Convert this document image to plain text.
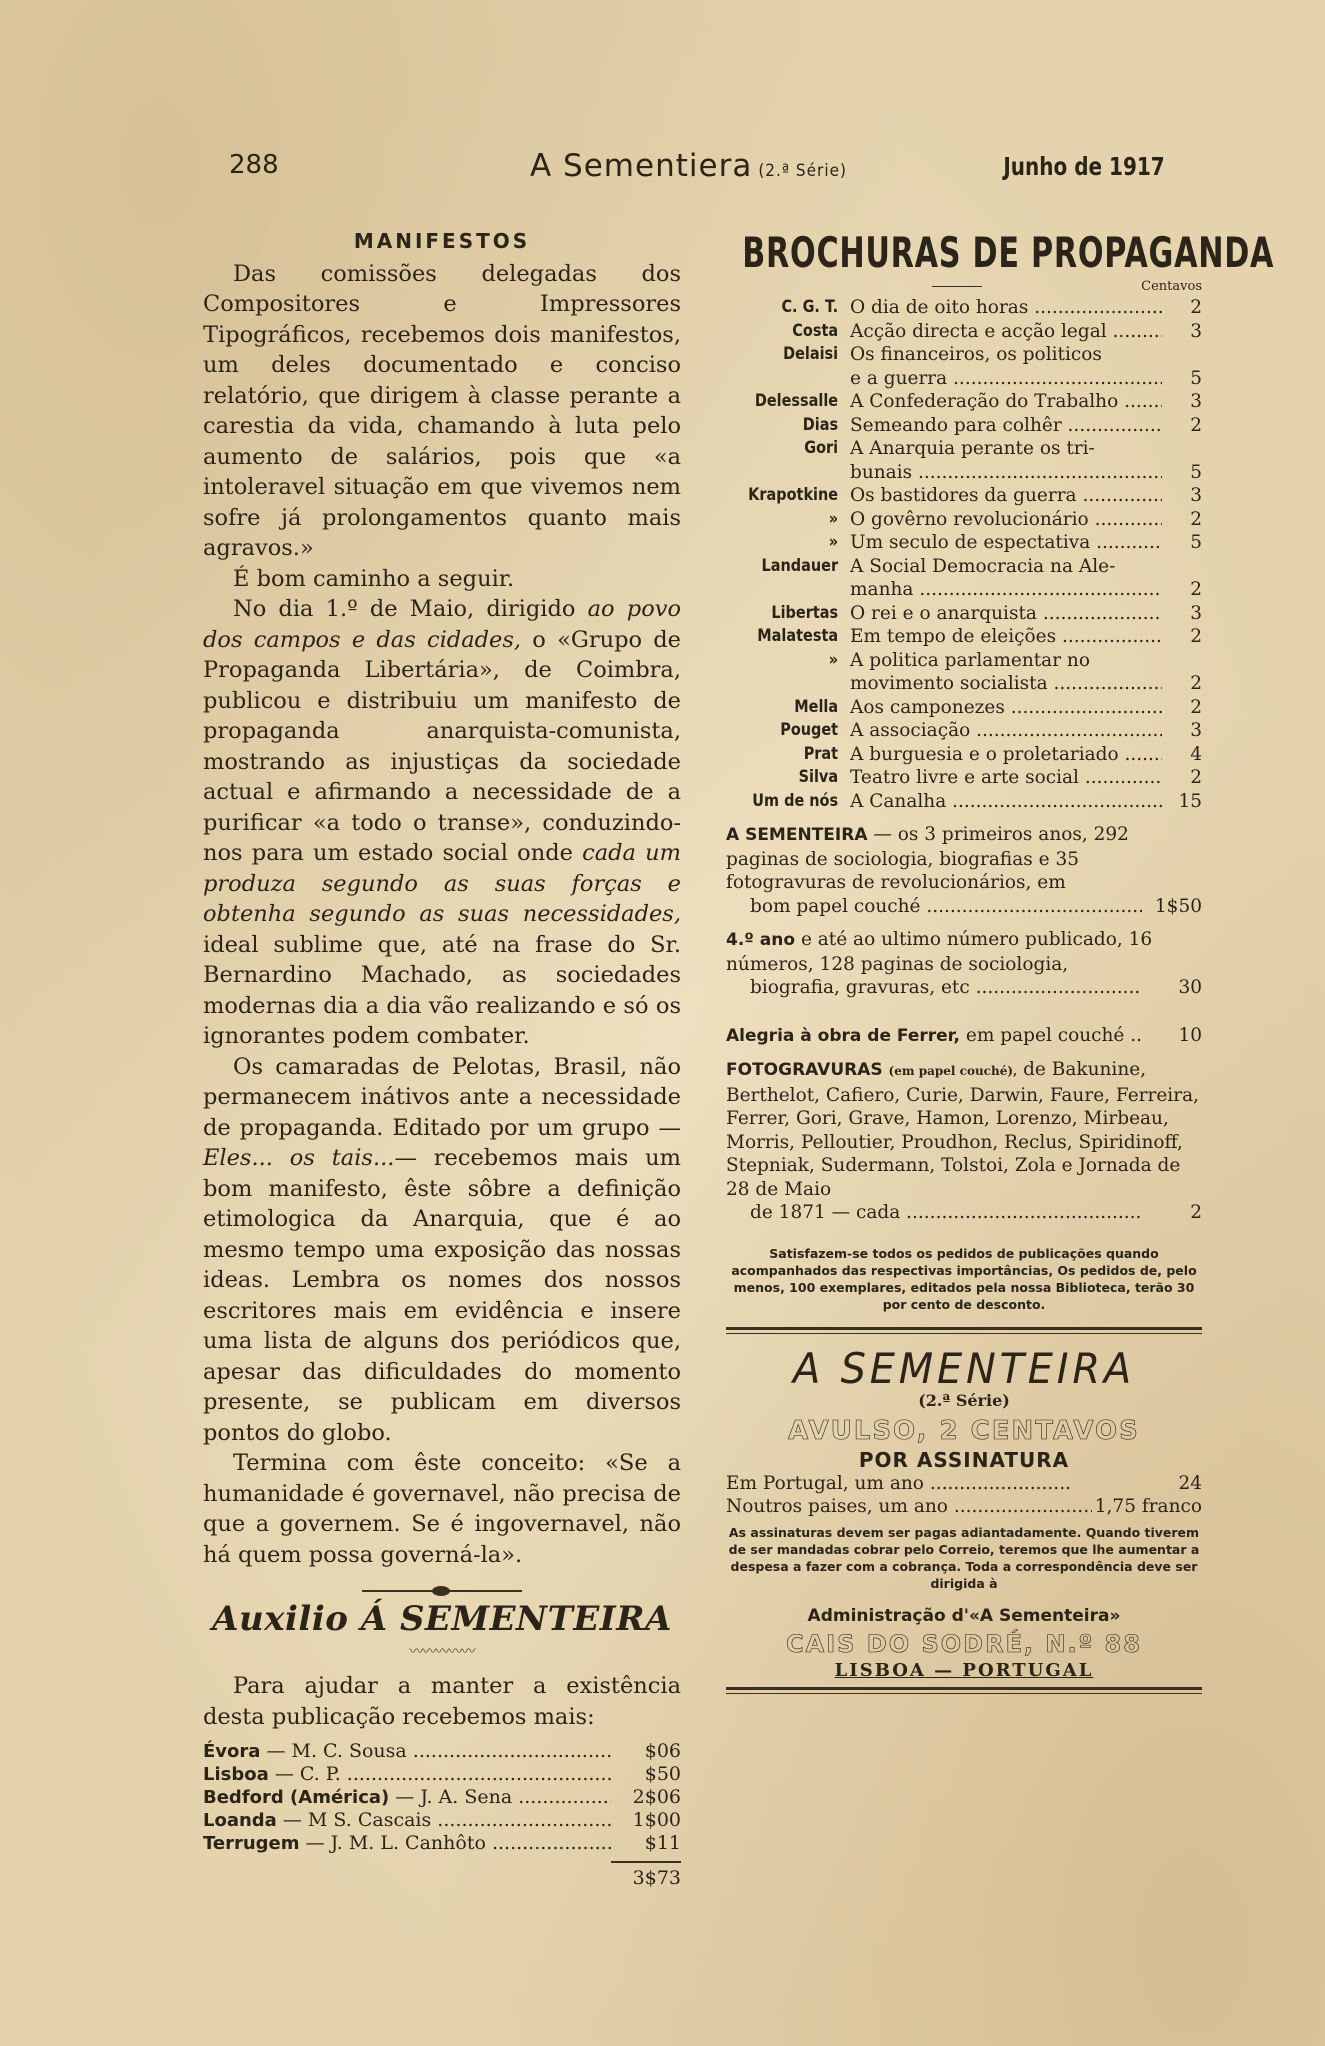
288	A Sementiera (2.ª Série)	Junho de 1917
MANIFESTOS

Das comissões delegadas dos Compositores e Impressores Tipográficos, recebemos dois manifestos, um deles documentado e conciso relatório, que dirigem à classe perante a carestia da vida, chamando à luta pelo aumento de salários, pois que «a intoleravel situação em que vivemos nem sofre já prolongamentos quanto mais agravos.»

É bom caminho a seguir.

No dia 1.º de Maio, dirigido ao povo dos campos e das cidades, o «Grupo de Propaganda Libertária», de Coimbra, publicou e distribuiu um manifesto de propaganda anarquista-comunista, mostrando as injustiças da sociedade actual e afirmando a necessidade de a purificar «a todo o transe», conduzindo-nos para um estado social onde cada um produza segundo as suas forças e obtenha segundo as suas necessidades, ideal sublime que, até na frase do Sr. Bernardino Machado, as sociedades modernas dia a dia vão realizando e só os ignorantes podem combater.

Os camaradas de Pelotas, Brasil, não permanecem inátivos ante a necessidade de propaganda. Editado por um grupo —Eles... os tais...— recebemos mais um bom manifesto, êste sôbre a definição etimologica da Anarquia, que é ao mesmo tempo uma exposição das nossas ideas. Lembra os nomes dos nossos escritores mais em evidência e insere uma lista de alguns dos periódicos que, apesar das dificuldades do momento presente, se publicam em diversos pontos do globo.

Termina com êste conceito: «Se a humanidade é governavel, não precisa de que a governem. Se é ingovernavel, não há quem possa governá-la».

Auxilio Á SEMENTEIRA
〰〰〰〰〰

Para ajudar a manter a existência desta publicação recebemos mais:

Évora — M. C. Sousa .....	$06
Lisboa — C. P. .....	$50
Bedford (América) — J. A. Sena .....	2$06
Loanda — M S. Cascais .....	1$00
Terrugem — J. M. L. Canhôto .....	$11
3$73
BROCHURAS DE PROPAGANDA
Centavos
C. G. T. O dia de oito horas .....	2
Costa Acção directa e acção legal .....	3
Delaisi Os financeiros, os politicos
e a guerra .....	5
Delessalle A Confederação do Trabalho .....	3
Dias Semeando para colhêr .....	2
Gori A Anarquia perante os tri-
bunais .....	5
Krapotkine Os bastidores da guerra .....	3
» O govêrno revolucionário .....	2
» Um seculo de espectativa .....	5
Landauer A Social Democracia na Ale-
manha .....	2
Libertas O rei e o anarquista .....	3
Malatesta Em tempo de eleições .....	2
» A politica parlamentar no
movimento socialista .....	2
Mella Aos camponezes .....	2
Pouget A associação .....	3
Prat A burguesia e o proletariado .....	4
Silva Teatro livre e arte social .....	2
Um de nós A Canalha .....	15
A SEMENTEIRA — os 3 primeiros anos, 292 paginas de sociologia, biografias e 35 fotogravuras de revolucionários, em
bom papel couché .....	1$50
4.º ano e até ao ultimo número publicado, 16 números, 128 paginas de sociologia,
biografia, gravuras, etc .....	30
Alegria à obra de Ferrer, em papel couché .....	10
FOTOGRAVURAS (em papel couché), de Bakunine, Berthelot, Cafiero, Curie, Darwin, Faure, Ferreira, Ferrer, Gori, Grave, Hamon, Lorenzo, Mirbeau, Morris, Pelloutier, Proudhon, Reclus, Spiridinoff, Stepniak, Sudermann, Tolstoi, Zola e Jornada de 28 de Maio
de 1871 — cada .....	2
Satisfazem-se todos os pedidos de publicações quando acompanhados das respectivas importâncias, Os pedidos de, pelo menos, 100 exemplares, editados pela nossa Biblioteca, terão 30 por cento de desconto.
A SEMENTEIRA
(2.ª Série)
AVULSO, 2 CENTAVOS
POR ASSINATURA
Em Portugal, um ano .....	24
Noutros paises, um ano .....	1,75 franco
As assinaturas devem ser pagas adiantadamente. Quando tiverem de ser mandadas cobrar pelo Correio, teremos que lhe aumentar a despesa a fazer com a cobrança. Toda a correspondência deve ser dirigida à
Administração d'«A Sementeira»
CAIS DO SODRÉ, N.º 88
LISBOA — PORTUGAL
